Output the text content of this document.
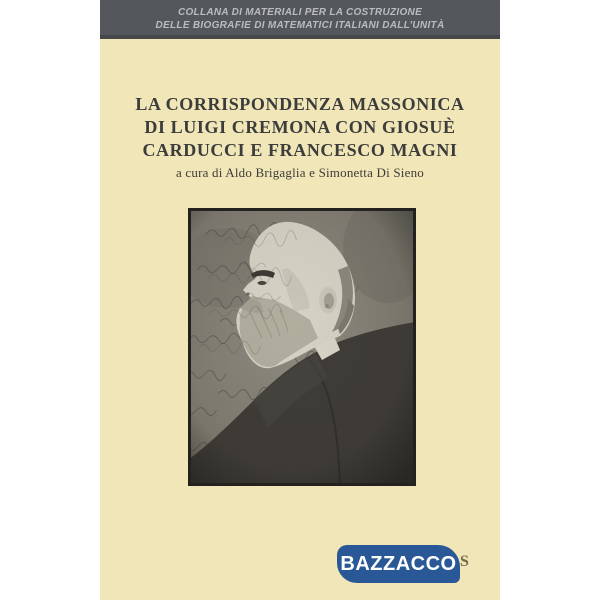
COLLANA DI MATERIALI PER LA COSTRUZIONE
DELLE BIOGRAFIE DI MATEMATICI ITALIANI DALL’UNITÀ
LA CORRISPONDENZA MASSONICA
DI LUIGI CREMONA CON GIOSUÈ
CARDUCCI E FRANCESCO MAGNI
a cura di Aldo Brigaglia e Simonetta Di Sieno
BAZZACCO S
